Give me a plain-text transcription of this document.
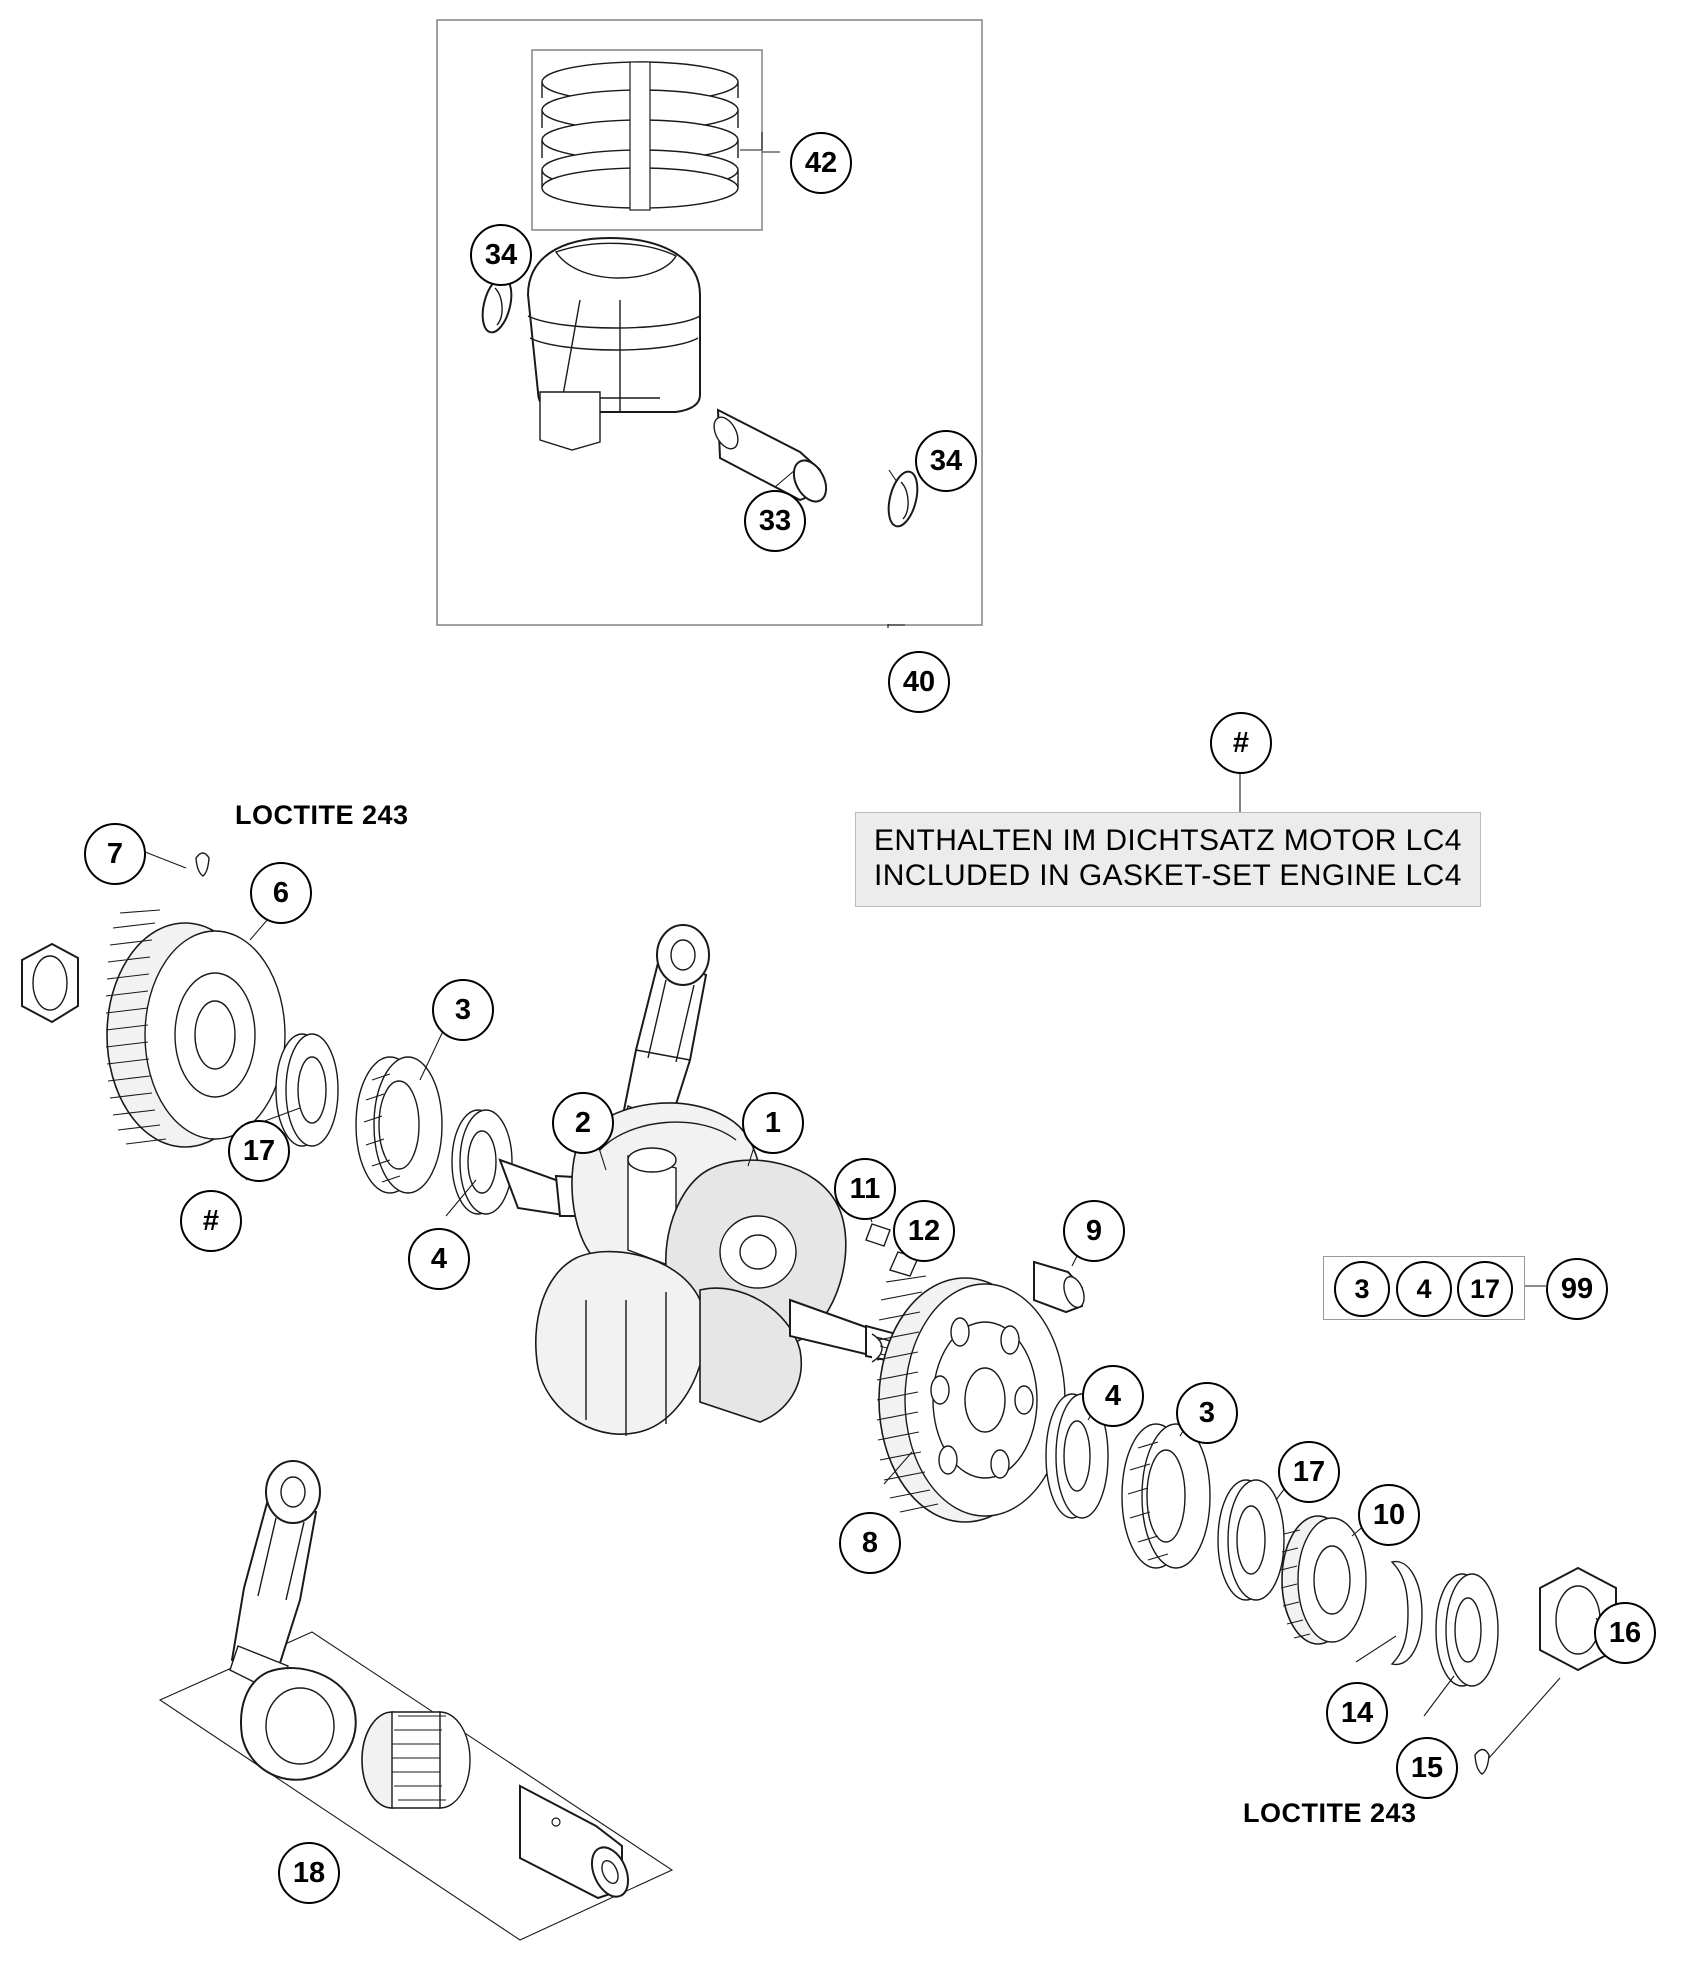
ENTHALTEN IM DICHTSATZ MOTOR LC4
INCLUDED IN GASKET-SET ENGINE LC4
LOCTITE 243
LOCTITE 243
3	4	17
42
34
33
34
40
#
7
6
3
17
#
4
2	1
11
12	9
8
4
3
17
10
14
15
16
18
99
